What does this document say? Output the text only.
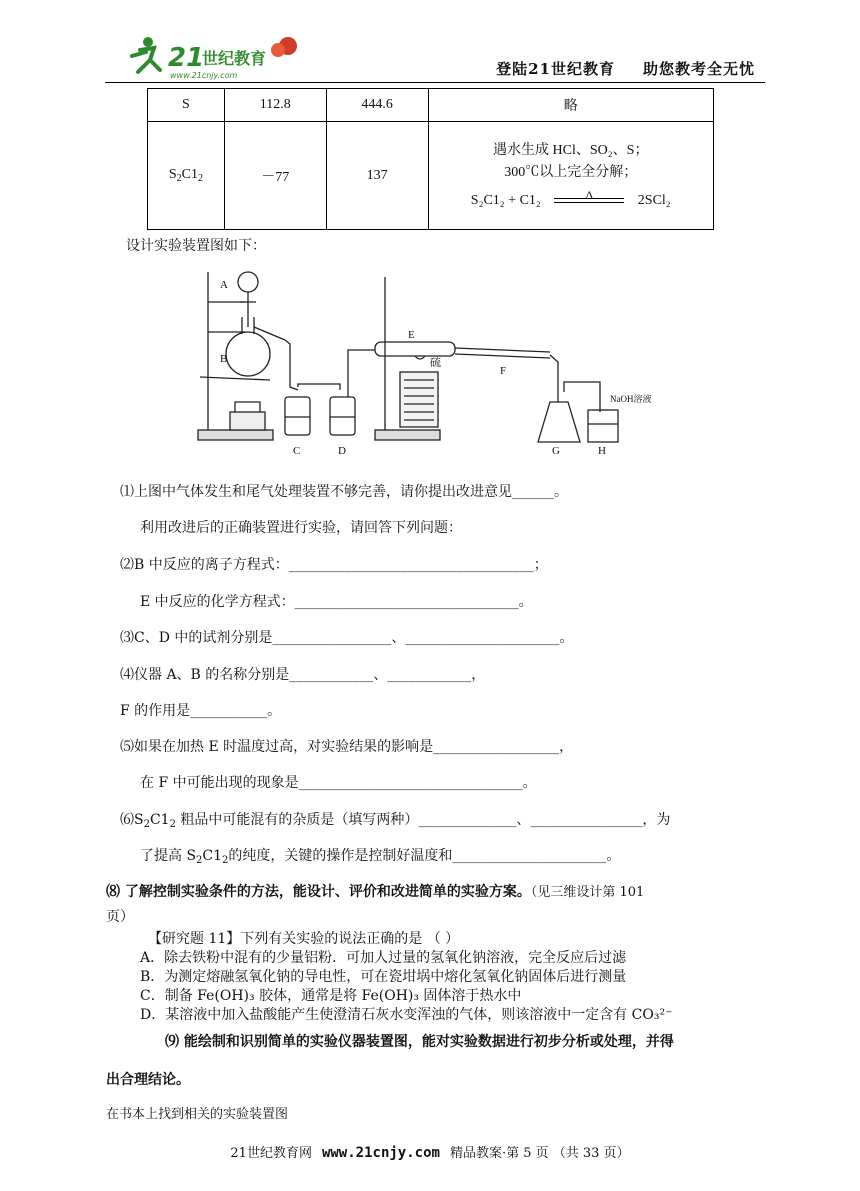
21
世纪教育
www.21cnjy.com	登陆21世纪教育 助您教考全无忧
S	112.8	444.6	略
$S_2C1_2$	－77	137	遇水生成 HCl、SO₂、S；
300℃以上完全分解；
S₂C1₂ + C1₂ Δ 2SCl₂
设计实验装置图如下：
A
B
C	D
E
硫
F
G	H
NaOH溶液
⑴上图中气体发生和尾气处理装置不够完善，请你提出改进意见______。
利用改进后的正确装置进行实验，请回答下列问题：
⑵B 中反应的离子方程式：___________________________________；
E 中反应的化学方程式：________________________________。
⑶C、D 中的试剂分别是_________________、______________________。
⑷仪器 A、B 的名称分别是____________、____________，
F 的作用是___________。
⑸如果在加热 E 时温度过高，对实验结果的影响是__________________，
在 F 中可能出现的现象是________________________________。
$⑹S_2C1_2$ 粗品中可能混有的杂质是（填写两种）______________、________________，为
了提高 $S_2C1_2$的纯度，关键的操作是控制好温度和______________________。
⑻ 了解控制实验条件的方法，能设计、评价和改进简单的实验方案。（见三维设计第 101
页）
【研究题 11】下列有关实验的说法正确的是 （ ）
A．除去铁粉中混有的少量铝粉．可加人过量的氢氧化钠溶液，完全反应后过滤
B．为测定熔融氢氧化钠的导电性，可在瓷坩埚中熔化氢氧化钠固体后进行测量
C．制备 Fe(OH)₃ 胶体，通常是将 Fe(OH)₃ 固体溶于热水中
D．某溶液中加入盐酸能产生使澄清石灰水变浑浊的气体，则该溶液中一定含有 CO₃²⁻
⑼ 能绘制和识别简单的实验仪器装置图，能对实验数据进行初步分析或处理，并得
出合理结论。
在书本上找到相关的实验装置图
21世纪教育网 www.21cnjy.com 精品教案·第 5 页 （共 33 页）
